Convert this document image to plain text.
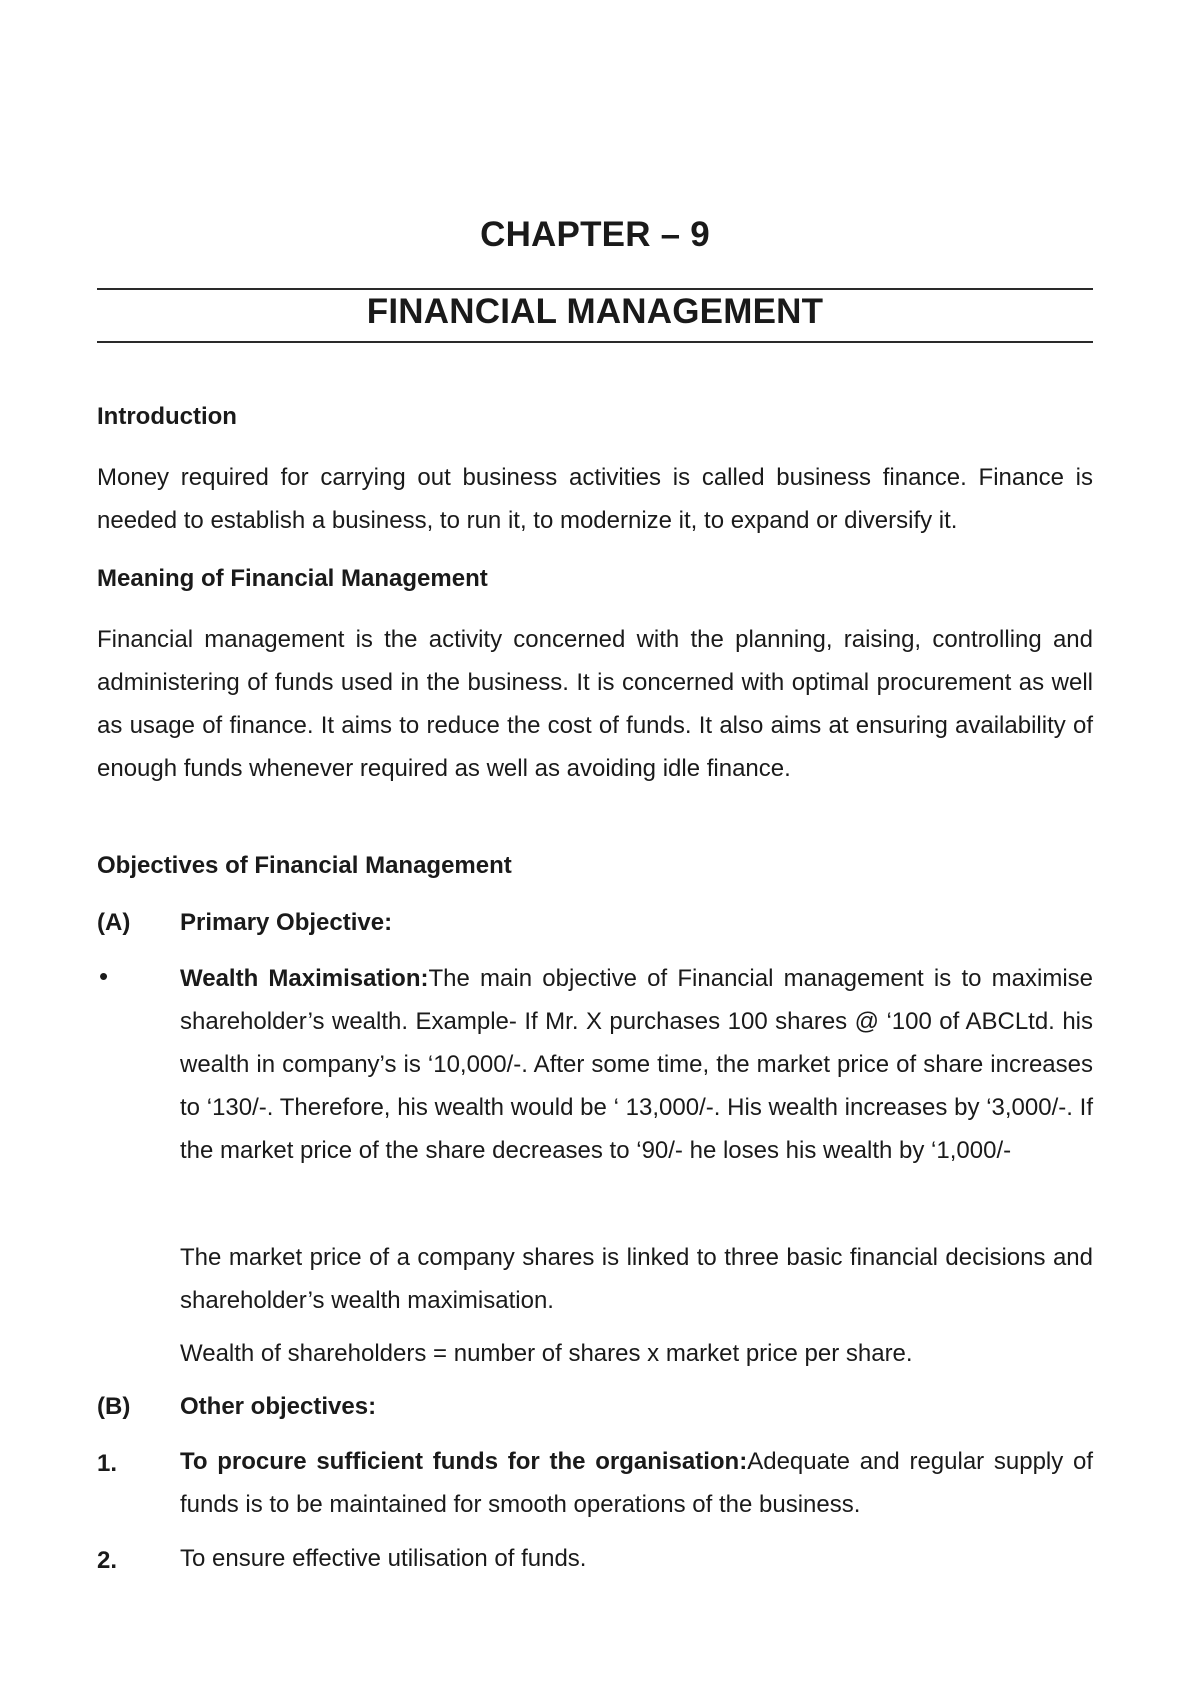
CHAPTER – 9
FINANCIAL MANAGEMENT
Introduction

Money required for carrying out business activities is called business finance. Finance is needed to establish a business, to run it, to modernize it, to expand or diversify it.

Meaning of Financial Management

Financial management is the activity concerned with the planning, raising, controlling and administering of funds used in the business. It is concerned with optimal procurement as well as usage of finance. It aims to reduce the cost of funds. It also aims at ensuring availability of enough funds whenever required as well as avoiding idle finance.

Objectives of Financial Management
(A)	Primary Objective:
•	Wealth Maximisation:The main objective of Financial management is to maximise shareholder’s wealth. Example- If Mr. X purchases 100 shares @ ‘100 of ABCLtd. his wealth in company’s is ‘10,000/-. After some time, the market price of share increases to ‘130/-. Therefore, his wealth would be ‘ 13,000/-. His wealth increases by ‘3,000/-. If the market price of the share decreases to ‘90/- he loses his wealth by ‘1,000/-

The market price of a company shares is linked to three basic financial decisions and shareholder’s wealth maximisation.

Wealth of shareholders = number of shares x market price per share.

(B)	Other objectives:
1.	To procure sufficient funds for the organisation:Adequate and regular supply of funds is to be maintained for smooth operations of the business.

2.	To ensure effective utilisation of funds.
